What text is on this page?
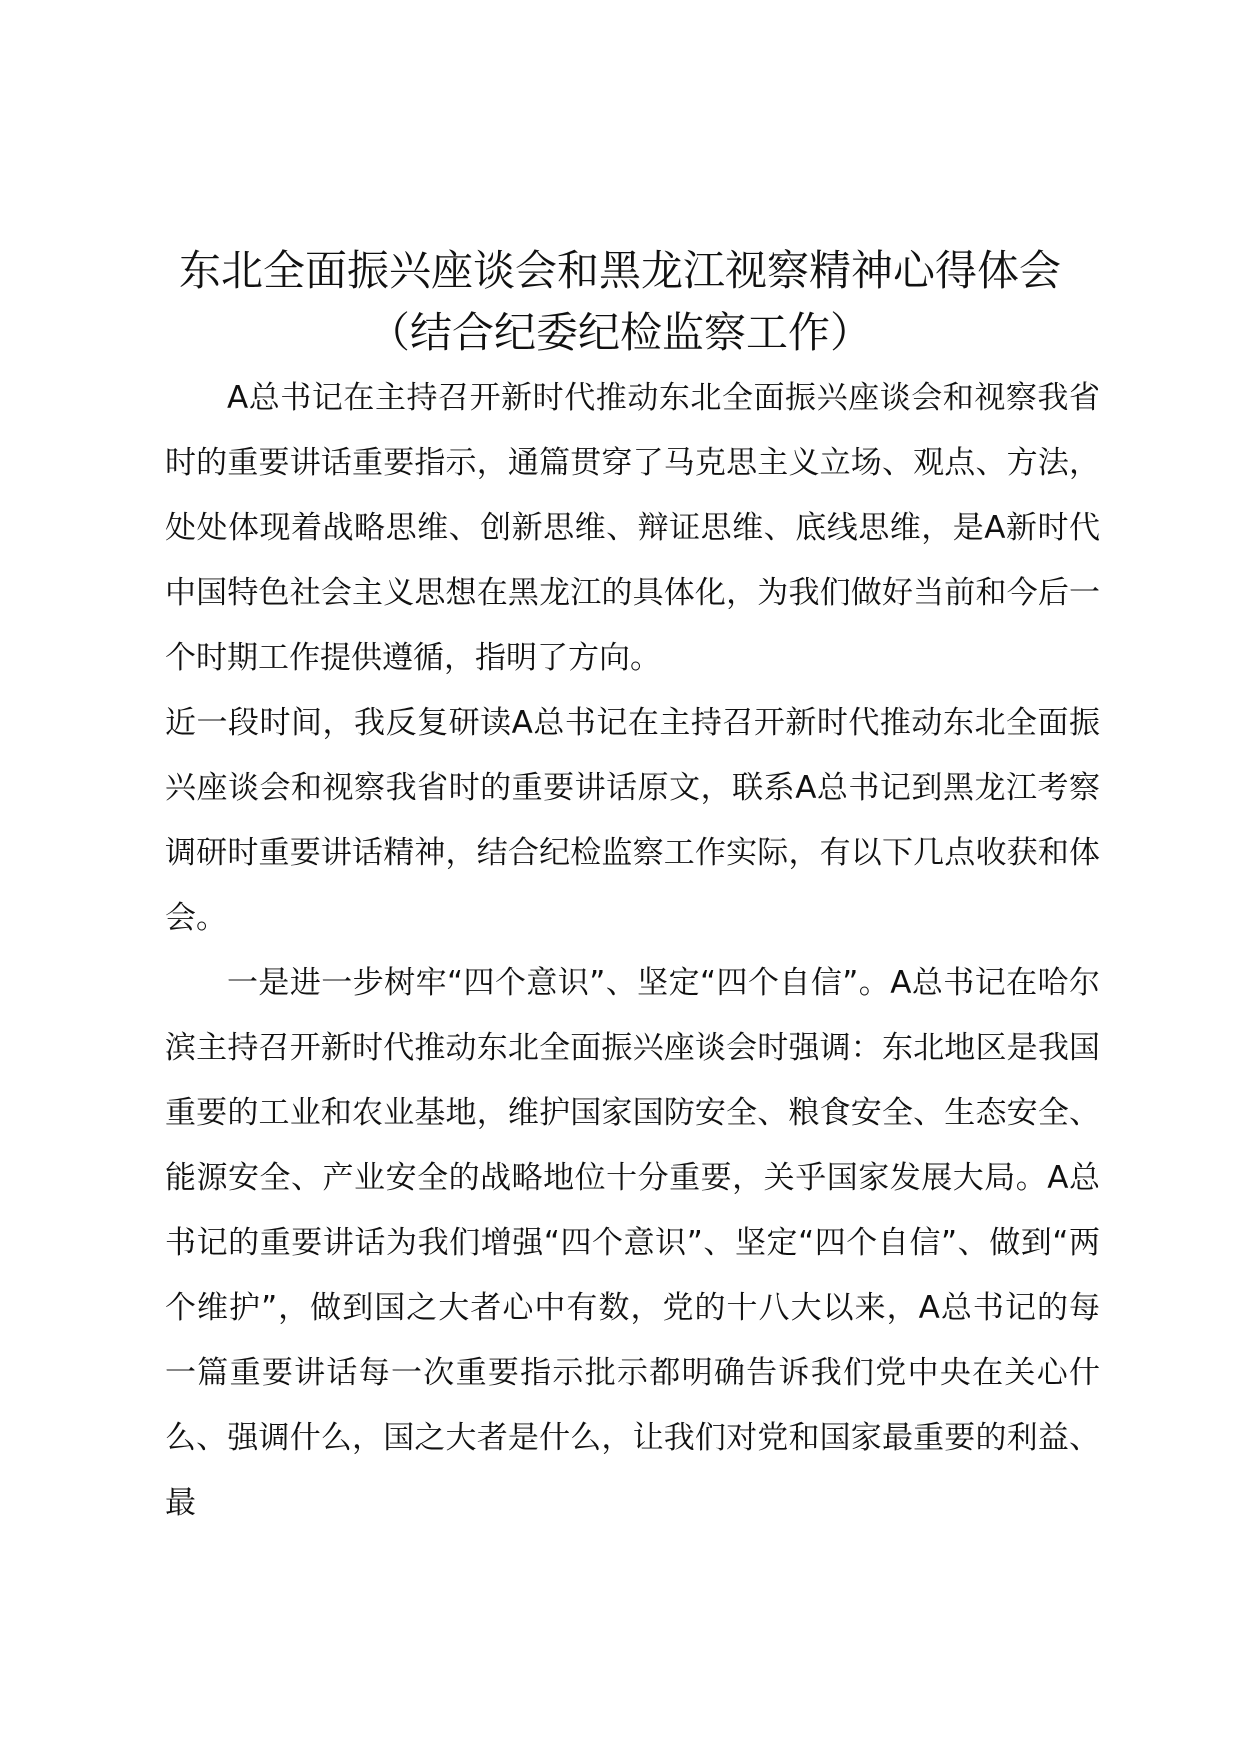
东北全面振兴座谈会和黑龙江视察精神心得体会（结合纪委纪检监察工作）

A总书记在主持召开新时代推动东北全面振兴座谈会和视察我省时的重要讲话重要指示，通篇贯穿了马克思主义立场、观点、方法，处处体现着战略思维、创新思维、辩证思维、底线思维，是A新时代中国特色社会主义思想在黑龙江的具体化，为我们做好当前和今后一个时期工作提供遵循，指明了方向。

近一段时间，我反复研读A总书记在主持召开新时代推动东北全面振兴座谈会和视察我省时的重要讲话原文，联系A总书记到黑龙江考察调研时重要讲话精神，结合纪检监察工作实际，有以下几点收获和体会。

一是进一步树牢“四个意识”、坚定“四个自信”。A总书记在哈尔滨主持召开新时代推动东北全面振兴座谈会时强调：东北地区是我国重要的工业和农业基地，维护国家国防安全、粮食安全、生态安全、能源安全、产业安全的战略地位十分重要，关乎国家发展大局。A总书记的重要讲话为我们增强“四个意识”、坚定“四个自信”、做到“两个维护”，做到国之大者心中有数，党的十八大以来，A总书记的每一篇重要讲话每一次重要指示批示都明确告诉我们党中央在关心什么、强调什么，国之大者是什么，让我们对党和国家最重要的利益、最
